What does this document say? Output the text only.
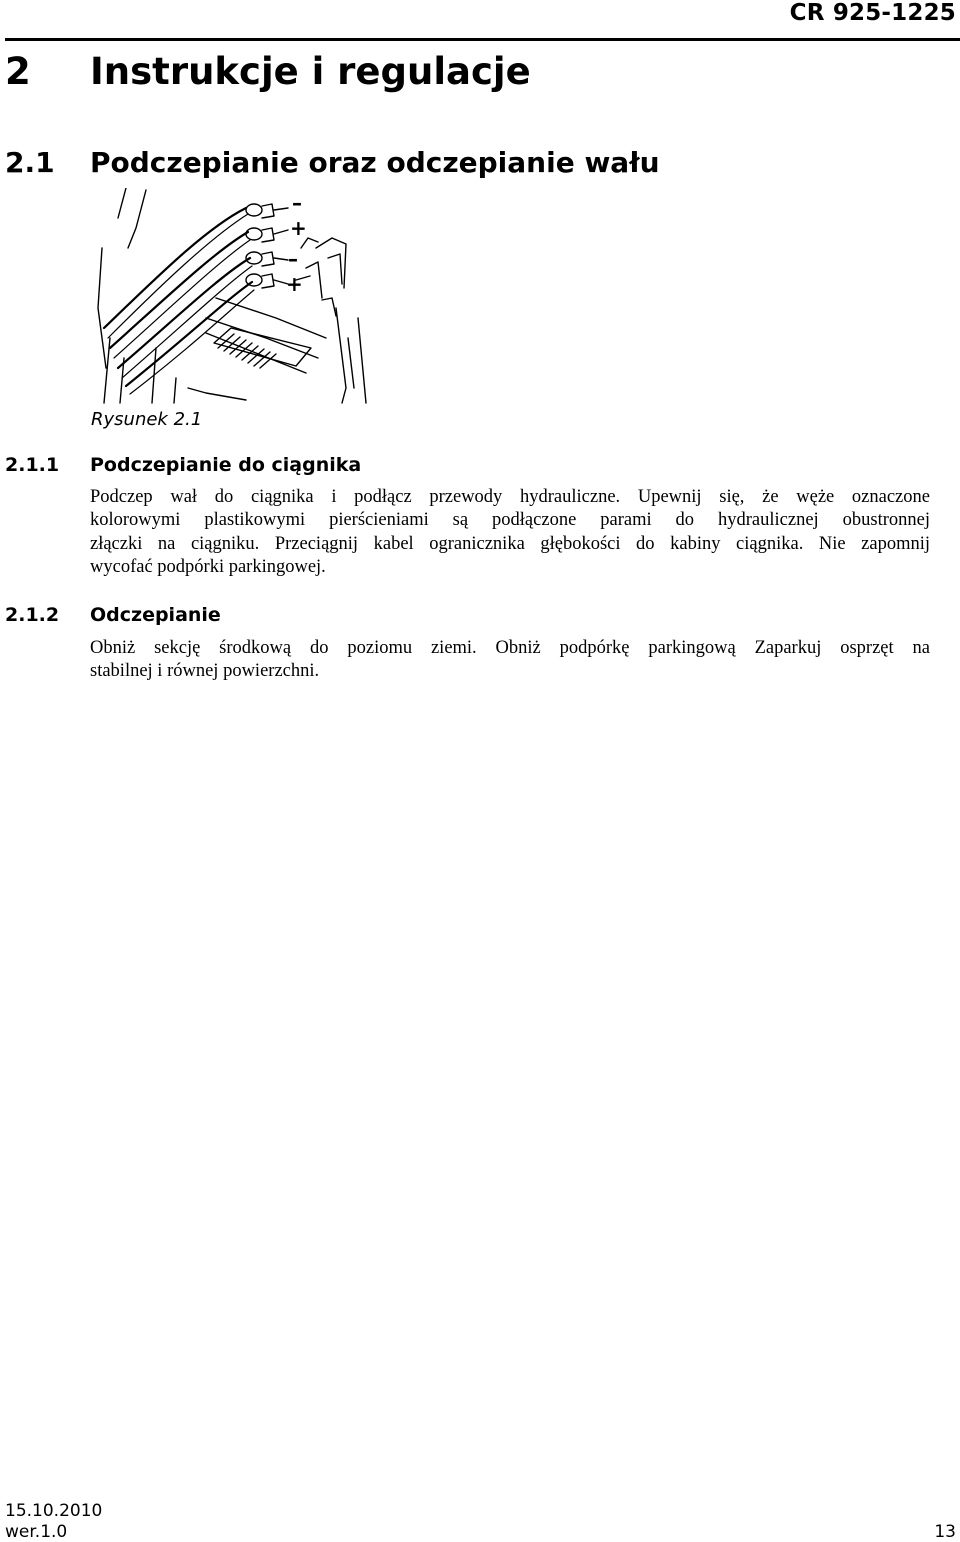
CR 925-1225
2 Instrukcje i regulacje
2.1 Podczepianie oraz odczepianie wału
–
+
–
+
Rysunek 2.1
2.1.1 Podczepianie do ciągnika
Podczep wał do ciągnika i podłącz przewody hydrauliczne. Upewnij się, że węże oznaczone
kolorowymi plastikowymi pierścieniami są podłączone parami do hydraulicznej obustronnej
złączki na ciągniku. Przeciągnij kabel ogranicznika głębokości do kabiny ciągnika. Nie zapomnij
wycofać podpórki parkingowej.
2.1.2 Odczepianie
Obniż sekcję środkową do poziomu ziemi. Obniż podpórkę parkingową Zaparkuj osprzęt na
stabilnej i równej powierzchni.
15.10.2010
wer.1.0	13
